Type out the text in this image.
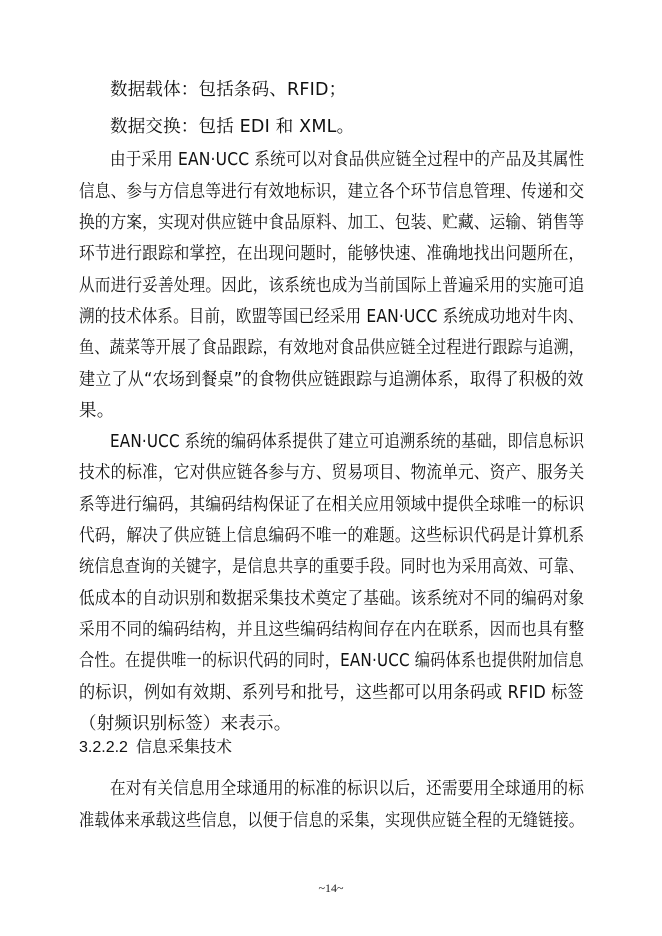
数据载体：包括条码、RFID；
数据交换：包括 EDI 和 XML。
由于采用 EAN·UCC 系统可以对食品供应链全过程中的产品及其属性
信息、参与方信息等进行有效地标识，建立各个环节信息管理、传递和交
换的方案，实现对供应链中食品原料、加工、包装、贮藏、运输、销售等
环节进行跟踪和掌控，在出现问题时，能够快速、准确地找出问题所在，
从而进行妥善处理。因此，该系统也成为当前国际上普遍采用的实施可追
溯的技术体系。目前，欧盟等国已经采用 EAN·UCC 系统成功地对牛肉、
鱼、蔬菜等开展了食品跟踪，有效地对食品供应链全过程进行跟踪与追溯，
建立了从“农场到餐桌”的食物供应链跟踪与追溯体系，取得了积极的效
果。
EAN·UCC 系统的编码体系提供了建立可追溯系统的基础，即信息标识
技术的标准，它对供应链各参与方、贸易项目、物流单元、资产、服务关
系等进行编码，其编码结构保证了在相关应用领域中提供全球唯一的标识
代码，解决了供应链上信息编码不唯一的难题。这些标识代码是计算机系
统信息查询的关键字，是信息共享的重要手段。同时也为采用高效、可靠、
低成本的自动识别和数据采集技术奠定了基础。该系统对不同的编码对象
采用不同的编码结构，并且这些编码结构间存在内在联系，因而也具有整
合性。在提供唯一的标识代码的同时，EAN·UCC 编码体系也提供附加信息
的标识，例如有效期、系列号和批号，这些都可以用条码或 RFID 标签
（射频识别标签）来表示。
3.2.2.2 信息采集技术
在对有关信息用全球通用的标准的标识以后，还需要用全球通用的标
准载体来承载这些信息，以便于信息的采集，实现供应链全程的无缝链接。
~14~
